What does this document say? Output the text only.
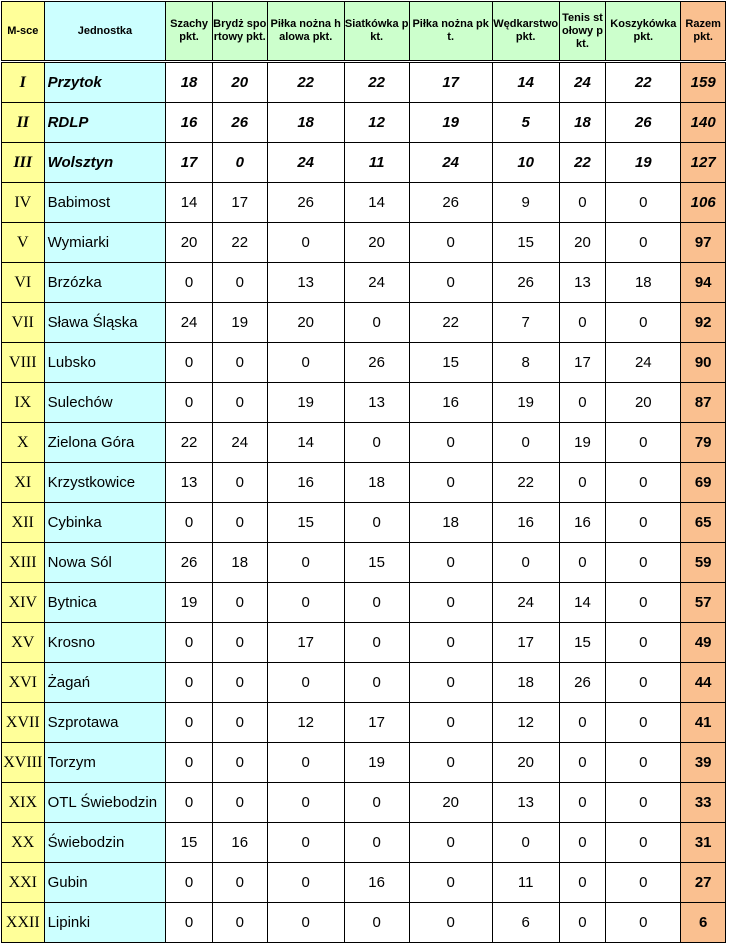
M-sce	Jednostka	Szachy pkt.	Brydż sportowy pkt.	Piłka nożna halowa pkt.	Siatkówka pkt.	Piłka nożna pkt.	Wędkarstwo pkt.	Tenis stołowy pkt.	Koszykówka pkt.	Razem pkt.
I	Przytok	18	20	22	22	17	14	24	22	159
II	RDLP	16	26	18	12	19	5	18	26	140
III	Wolsztyn	17	0	24	11	24	10	22	19	127
IV	Babimost	14	17	26	14	26	9	0	0	106
V	Wymiarki	20	22	0	20	0	15	20	0	97
VI	Brzózka	0	0	13	24	0	26	13	18	94
VII	Sława Śląska	24	19	20	0	22	7	0	0	92
VIII	Lubsko	0	0	0	26	15	8	17	24	90
IX	Sulechów	0	0	19	13	16	19	0	20	87
X	Zielona Góra	22	24	14	0	0	0	19	0	79
XI	Krzystkowice	13	0	16	18	0	22	0	0	69
XII	Cybinka	0	0	15	0	18	16	16	0	65
XIII	Nowa Sól	26	18	0	15	0	0	0	0	59
XIV	Bytnica	19	0	0	0	0	24	14	0	57
XV	Krosno	0	0	17	0	0	17	15	0	49
XVI	Żagań	0	0	0	0	0	18	26	0	44
XVII	Szprotawa	0	0	12	17	0	12	0	0	41
XVIII	Torzym	0	0	0	19	0	20	0	0	39
XIX	OTL Świebodzin	0	0	0	0	20	13	0	0	33
XX	Świebodzin	15	16	0	0	0	0	0	0	31
XXI	Gubin	0	0	0	16	0	11	0	0	27
XXII	Lipinki	0	0	0	0	0	6	0	0	6
